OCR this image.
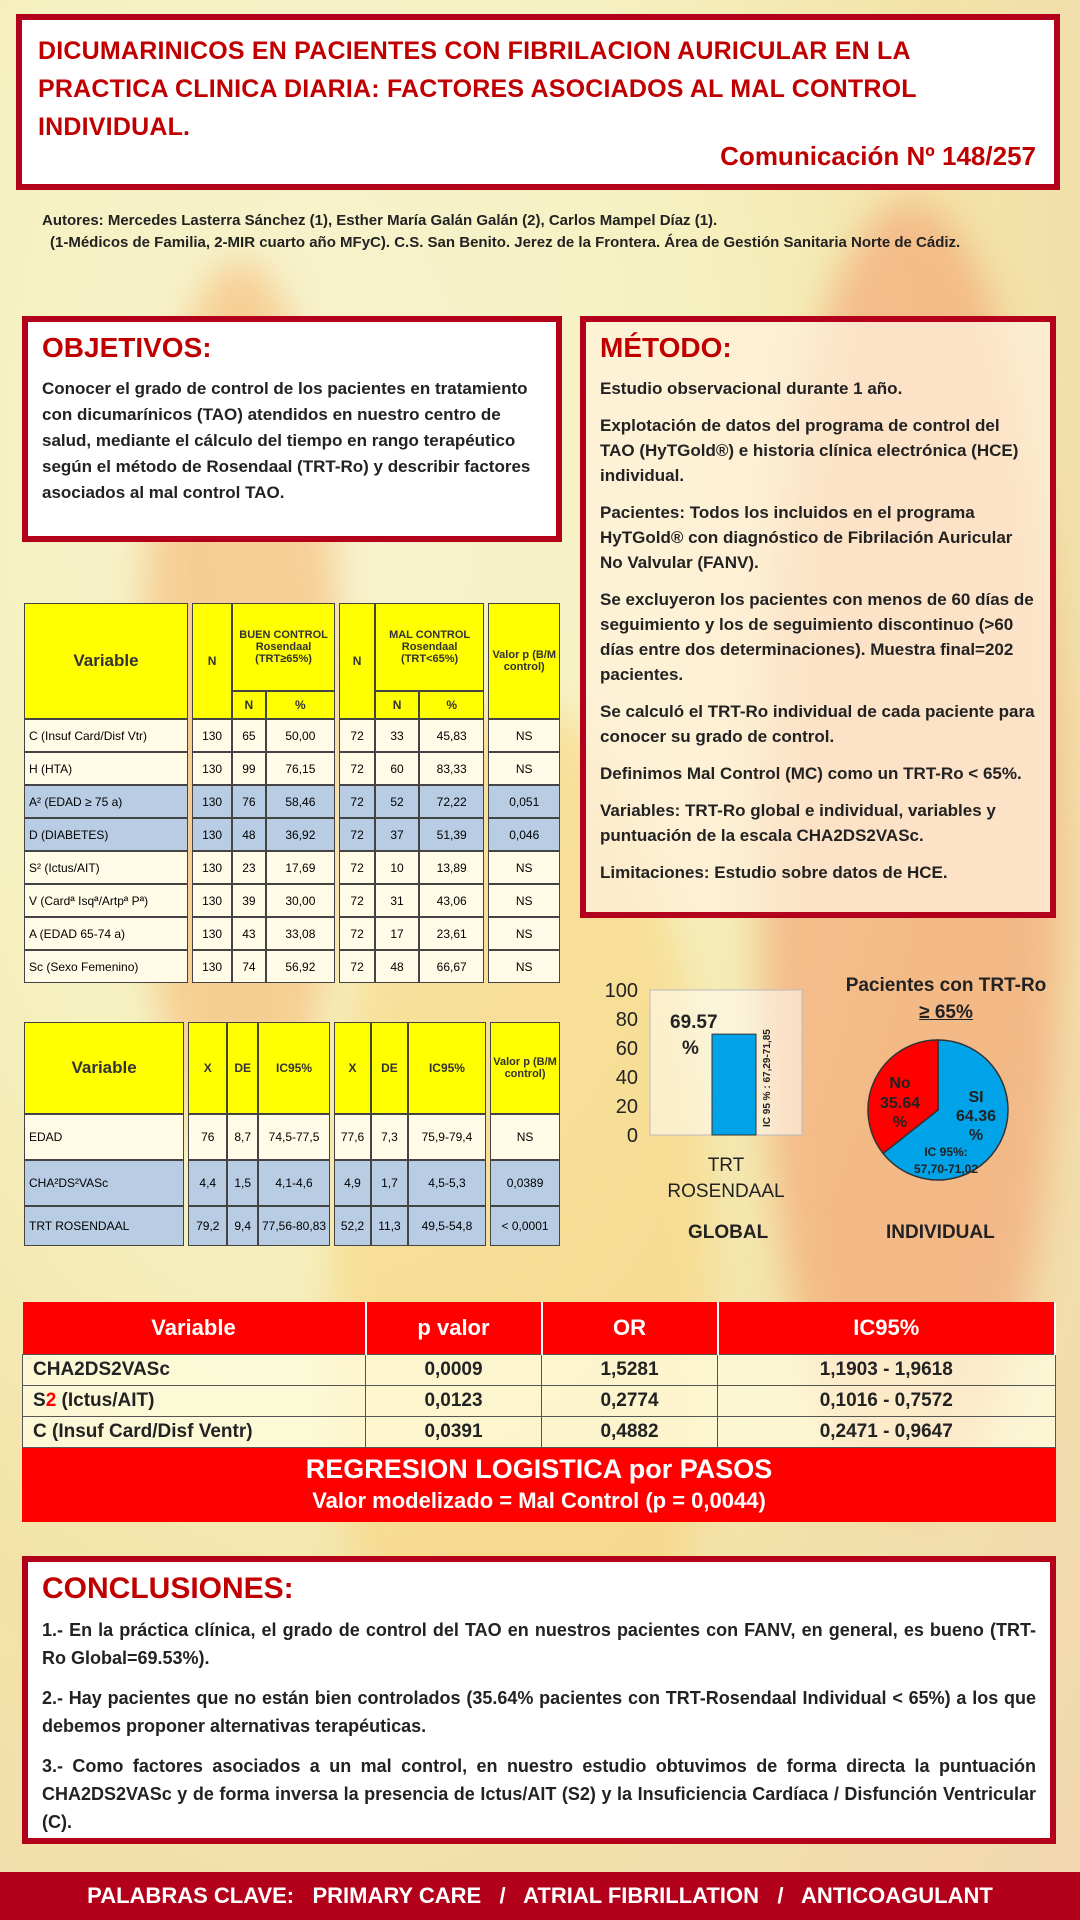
DICUMARINICOS EN PACIENTES CON FIBRILACION AURICULAR EN LA
PRACTICA CLINICA DIARIA: FACTORES ASOCIADOS AL MAL CONTROL
INDIVIDUAL.
Comunicación Nº 148/257
Autores: Mercedes Lasterra Sánchez (1), Esther María Galán Galán (2), Carlos Mampel Díaz (1).
(1-Médicos de Familia, 2-MIR cuarto año MFyC). C.S. San Benito. Jerez de la Frontera. Área de Gestión Sanitaria Norte de Cádiz.
OBJETIVOS:

Conocer el grado de control de los pacientes en tratamiento con dicumarínicos (TAO) atendidos en nuestro centro de salud, mediante el cálculo del tiempo en rango terapéutico según el método de Rosendaal (TRT-Ro) y describir factores asociados al mal control TAO.

MÉTODO:

Estudio observacional durante 1 año.

Explotación de datos del programa de control del TAO (HyTGold®) e historia clínica electrónica (HCE) individual.

Pacientes: Todos los incluidos en el programa HyTGold® con diagnóstico de Fibrilación Auricular No Valvular (FANV).

Se excluyeron los pacientes con menos de 60 días de seguimiento y los de seguimiento discontinuo (>60 días entre dos determinaciones). Muestra final=202 pacientes.

Se calculó el TRT-Ro individual de cada paciente para conocer su grado de control.

Definimos Mal Control (MC) como un TRT-Ro < 65%.

Variables: TRT-Ro global e individual, variables y puntuación de la escala CHA2DS2VASc.

Limitaciones: Estudio sobre datos de HCE.

Variable		N	BUEN CONTROL Rosendaal (TRT≥65%)			N	MAL CONTROL Rosendaal (TRT<65%)			Valor p (B/M control)
			N	%			N	%		
C (Insuf Card/Disf Vtr)		130	65	50,00		72	33	45,83		NS
H (HTA)		130	99	76,15		72	60	83,33		NS
A² (EDAD ≥ 75 a)		130	76	58,46		72	52	72,22		0,051
D (DIABETES)		130	48	36,92		72	37	51,39		0,046
S² (Ictus/AIT)		130	23	17,69		72	10	13,89		NS
V (Cardª Isqª/Artpª Pª)		130	39	30,00		72	31	43,06		NS
A (EDAD 65-74 a)		130	43	33,08		72	17	23,61		NS
Sc (Sexo Femenino)		130	74	56,92		72	48	66,67		NS
Variable		X	DE	IC95%		X	DE	IC95%		Valor p (B/M control)
EDAD		76	8,7	74,5-77,5		77,6	7,3	75,9-79,4		NS
CHA²DS²VASc		4,4	1,5	4,1-4,6		4,9	1,7	4,5-5,3		0,0389
TRT ROSENDAAL		79,2	9,4	77,56-80,83		52,2	11,3	49,5-54,8		< 0,0001
100
80
60
40
20
0
69.57
%	IC 95 % : 67,29-71,85
TRT
ROSENDAAL
GLOBAL
Pacientes con TRT-Ro
≥ 65%
SI
64.36
%
No
35.64
%
IC 95%:
57,70-71,02
INDIVIDUAL
Variable	p valor	OR	IC95%
CHA2DS2VASc	0,0009	1,5281	1,1903 - 1,9618
S2 (Ictus/AIT)	0,0123	0,2774	0,1016 - 0,7572
C (Insuf Card/Disf Ventr)	0,0391	0,4882	0,2471 - 0,9647
REGRESION LOGISTICA por PASOS
Valor modelizado = Mal Control (p = 0,0044)
CONCLUSIONES:

1.- En la práctica clínica, el grado de control del TAO en nuestros pacientes con FANV, en general, es bueno (TRT-Ro Global=69.53%).

2.- Hay pacientes que no están bien controlados (35.64% pacientes con TRT-Rosendaal Individual < 65%) a los que debemos proponer alternativas terapéuticas.

3.- Como factores asociados a un mal control, en nuestro estudio obtuvimos de forma directa la puntuación CHA2DS2VASc y de forma inversa la presencia de Ictus/AIT (S2) y la Insuficiencia Cardíaca / Disfunción Ventricular (C).

PALABRAS CLAVE:   PRIMARY CARE   /   ATRIAL FIBRILLATION   /   ANTICOAGULANT
